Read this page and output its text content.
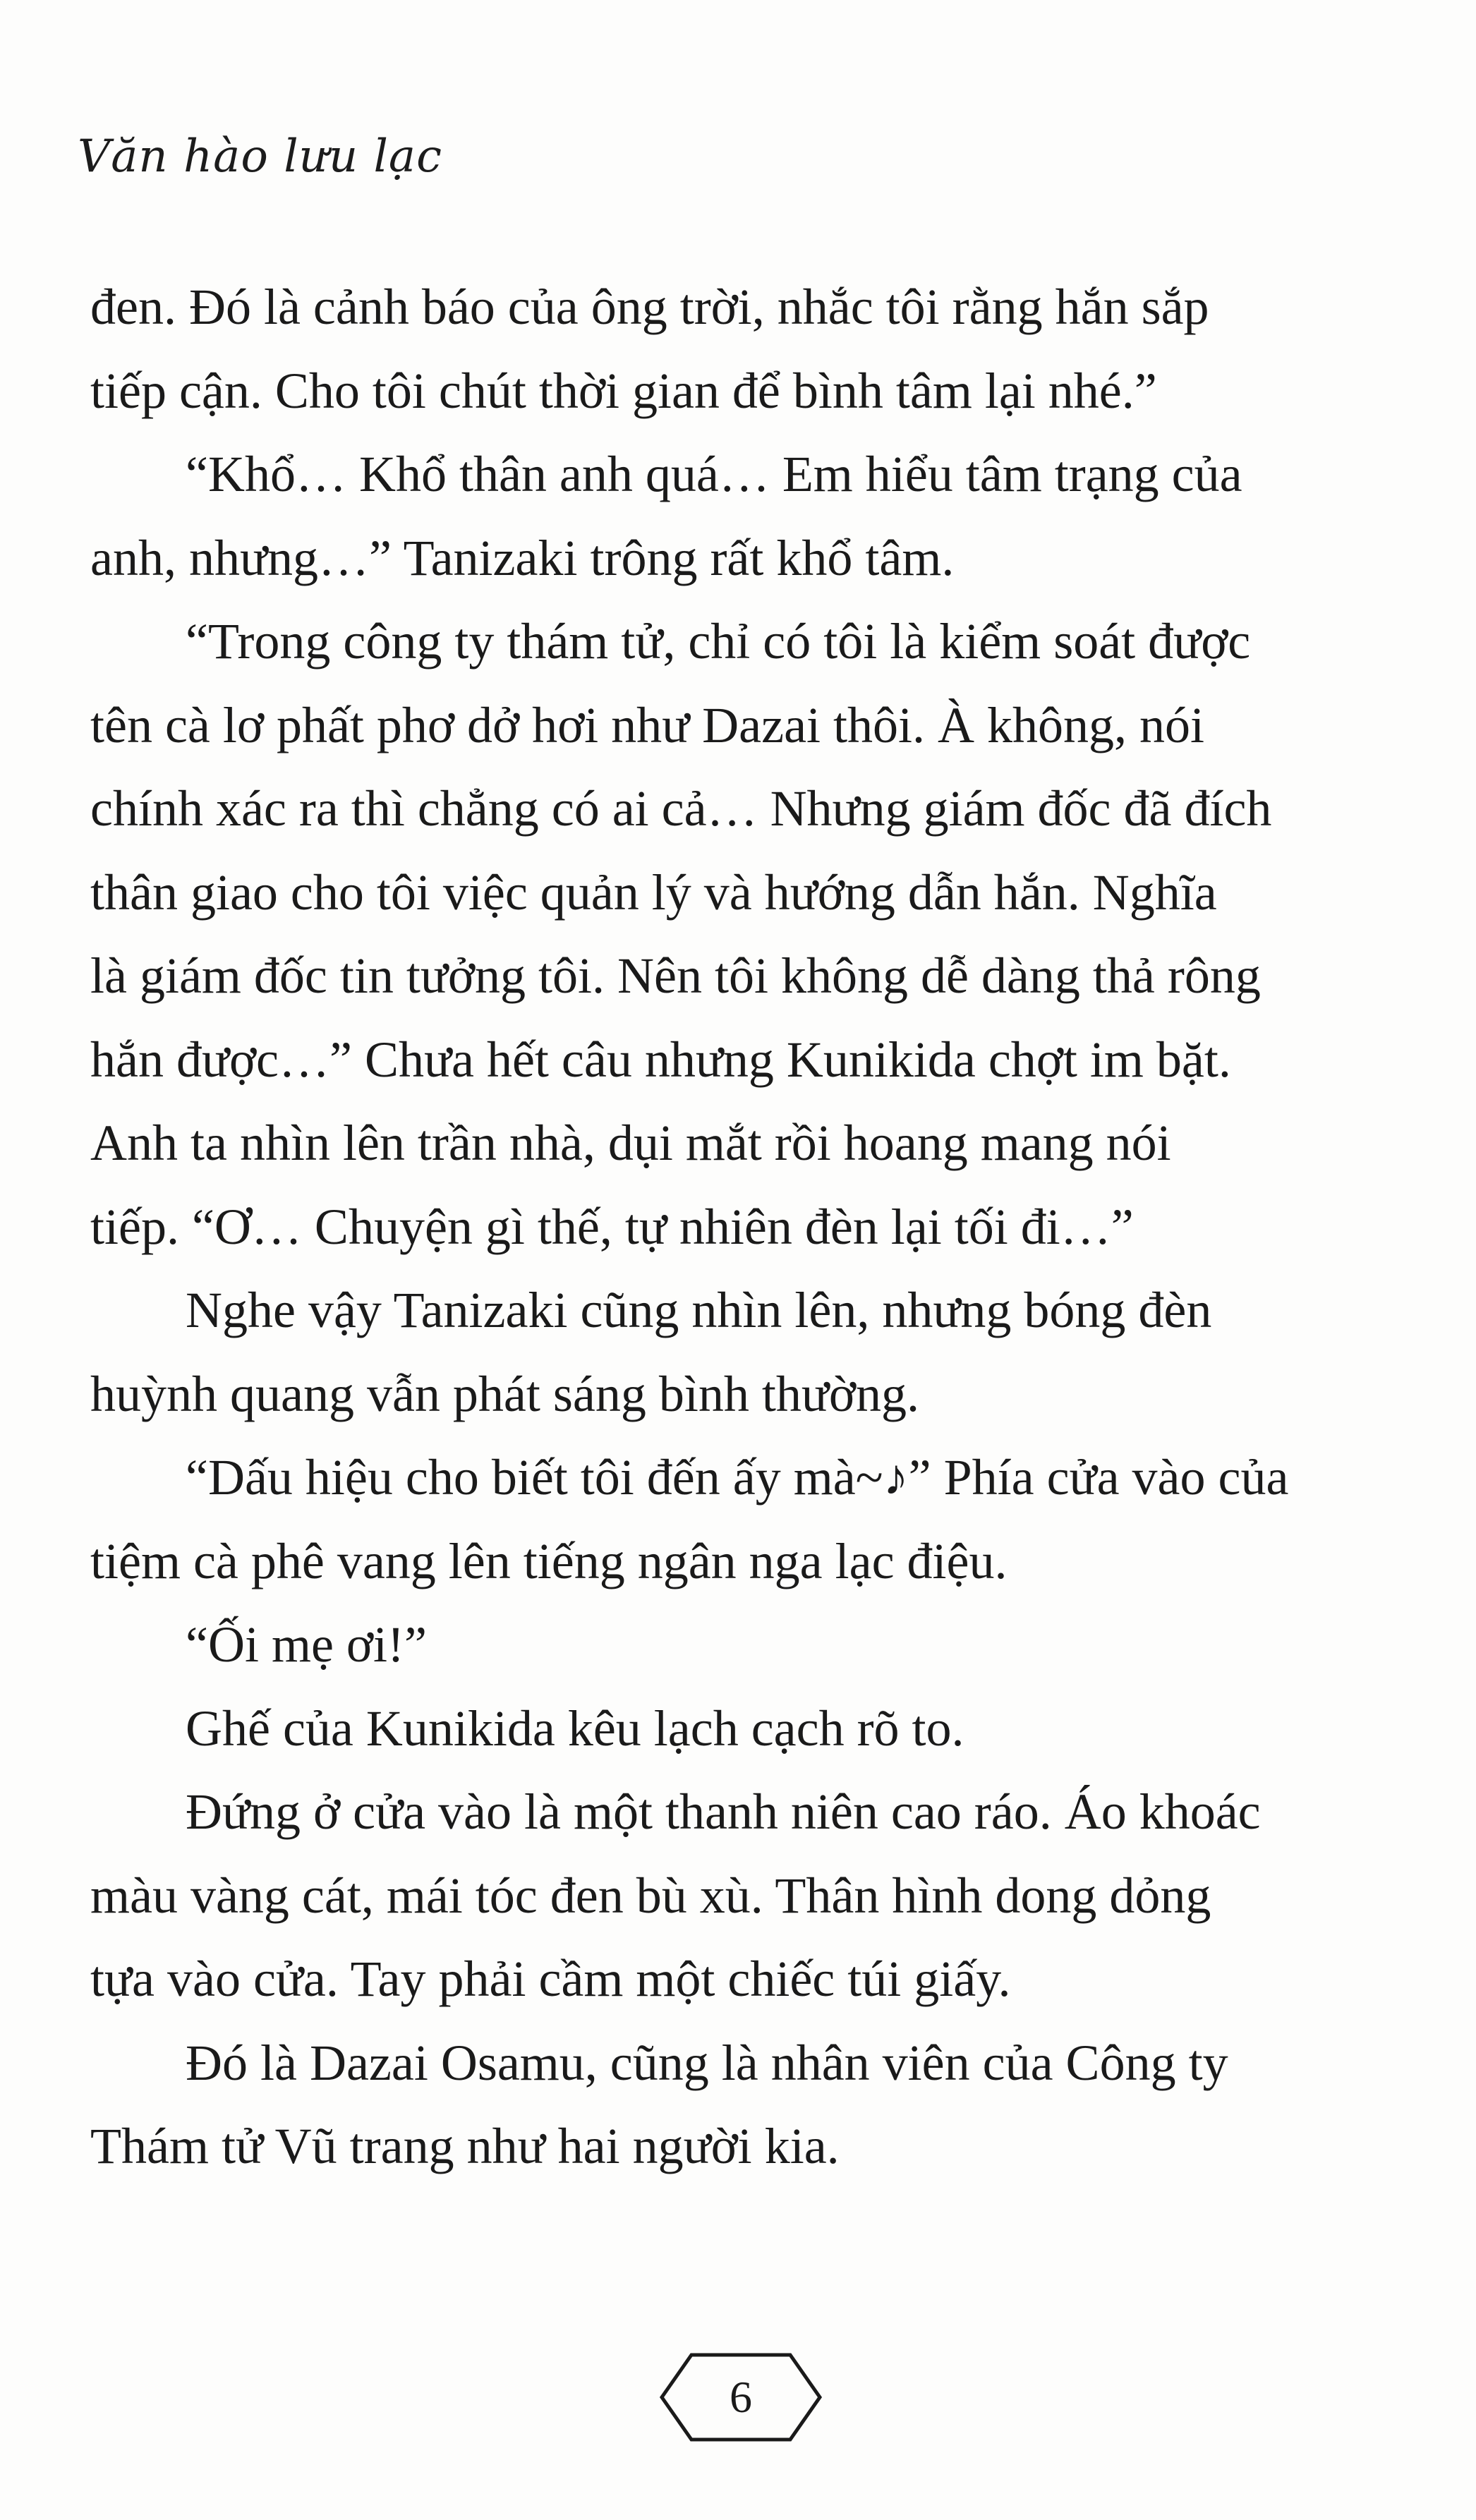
Văn hào lưu lạc

đen. Đó là cảnh báo của ông trời, nhắc tôi rằng hắn sắp

tiếp cận. Cho tôi chút thời gian để bình tâm lại nhé.”

“Khổ… Khổ thân anh quá… Em hiểu tâm trạng của

anh, nhưng…” Tanizaki trông rất khổ tâm.

“Trong công ty thám tử, chỉ có tôi là kiểm soát được

tên cà lơ phất phơ dở hơi như Dazai thôi. À không, nói

chính xác ra thì chẳng có ai cả… Nhưng giám đốc đã đích

thân giao cho tôi việc quản lý và hướng dẫn hắn. Nghĩa

là giám đốc tin tưởng tôi. Nên tôi không dễ dàng thả rông

hắn được…” Chưa hết câu nhưng Kunikida chợt im bặt.

Anh ta nhìn lên trần nhà, dụi mắt rồi hoang mang nói

tiếp. “Ơ… Chuyện gì thế, tự nhiên đèn lại tối đi…”

Nghe vậy Tanizaki cũng nhìn lên, nhưng bóng đèn

huỳnh quang vẫn phát sáng bình thường.

“Dấu hiệu cho biết tôi đến ấy mà~♪” Phía cửa vào của

tiệm cà phê vang lên tiếng ngân nga lạc điệu.

“Ối mẹ ơi!”

Ghế của Kunikida kêu lạch cạch rõ to.

Đứng ở cửa vào là một thanh niên cao ráo. Áo khoác

màu vàng cát, mái tóc đen bù xù. Thân hình dong dỏng

tựa vào cửa. Tay phải cầm một chiếc túi giấy.

Đó là Dazai Osamu, cũng là nhân viên của Công ty

Thám tử Vũ trang như hai người kia.

6
